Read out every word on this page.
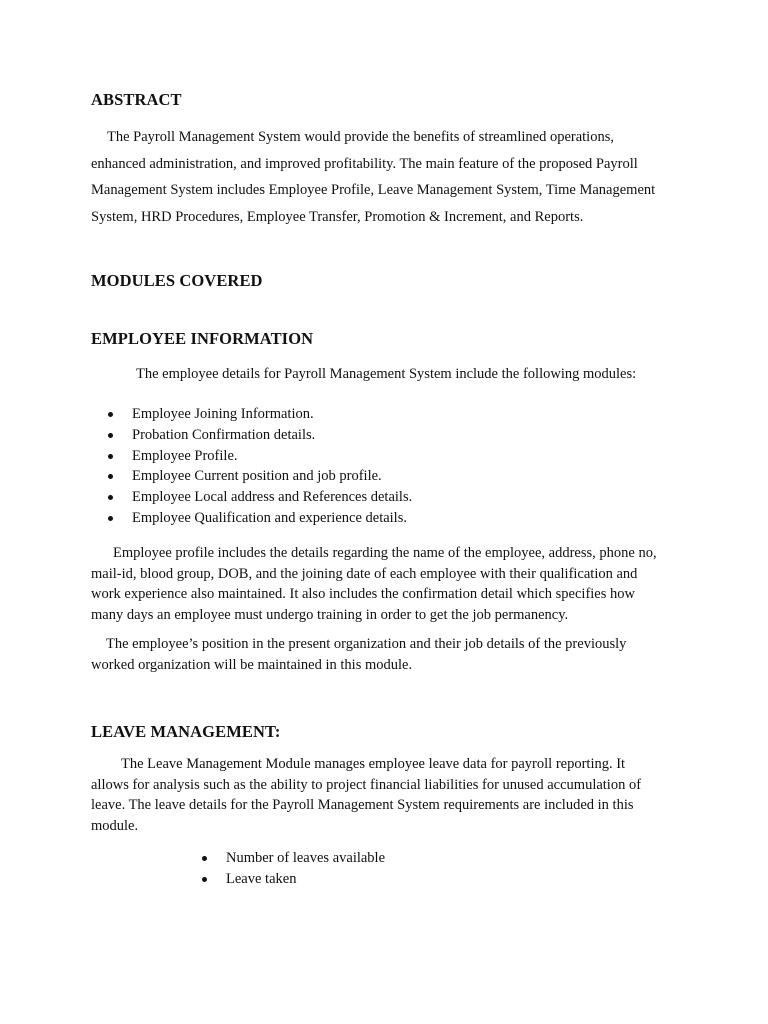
ABSTRACT
The Payroll Management System would provide the benefits of streamlined operations,
enhanced administration, and improved profitability. The main feature of the proposed Payroll
Management System includes Employee Profile, Leave Management System, Time Management
System, HRD Procedures, Employee Transfer, Promotion & Increment, and Reports.
MODULES COVERED
EMPLOYEE INFORMATION

The employee details for Payroll Management System include the following modules:

Employee Joining Information.
Probation Confirmation details.
Employee Profile.
Employee Current position and job profile.
Employee Local address and References details.
Employee Qualification and experience details.
Employee profile includes the details regarding the name of the employee, address, phone no,
mail-id, blood group, DOB, and the joining date of each employee with their qualification and
work experience also maintained. It also includes the confirmation detail which specifies how
many days an employee must undergo training in order to get the job permanency.
The employee’s position in the present organization and their job details of the previously
worked organization will be maintained in this module.
LEAVE MANAGEMENT:
The Leave Management Module manages employee leave data for payroll reporting. It
allows for analysis such as the ability to project financial liabilities for unused accumulation of
leave. The leave details for the Payroll Management System requirements are included in this
module.
Number of leaves available
Leave taken
